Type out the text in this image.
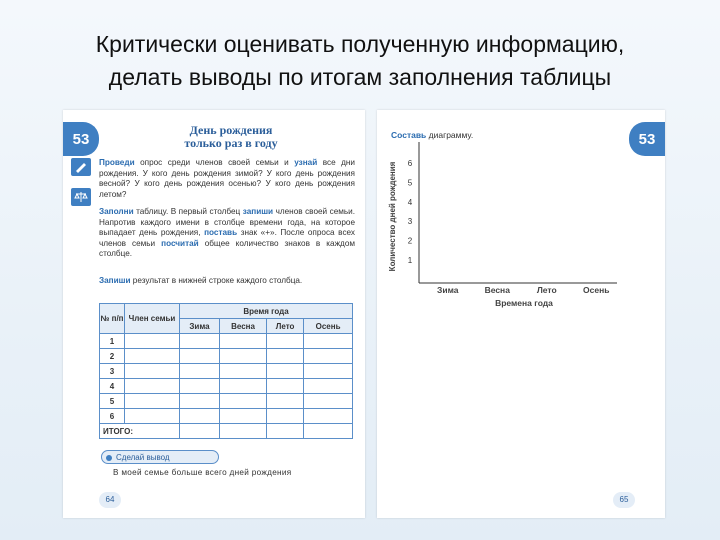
Критически оценивать полученную информацию,
делать выводы по итогам заполнения таблицы
53
День рождения
только раз в году
Проведи опрос среди членов своей семьи и узнай все дни рождения. У кого день рождения зимой? У кого день рождения весной? У кого день рождения осенью? У кого день рождения летом?
Заполни таблицу. В первый столбец запиши членов своей семьи. Напротив каждого имени в столбце времени года, на которое выпадает день рождения, поставь знак «+». После опроса всех членов семьи посчитай общее количество знаков в каждом столбце.
Запиши результат в нижней строке каждого столбца.
№ п/п	Член семьи	Время года			
		Зима	Весна	Лето	Осень
1					
2					
3					
4					
5					
6					
ИТОГО:					
Сделай вывод
В моей семье больше всего дней рождения
64
53
Составь диаграмму.
1
2
3
4
5
6
Зима	Весна	Лето	Осень
Количество дней рождения
Времена года
65
